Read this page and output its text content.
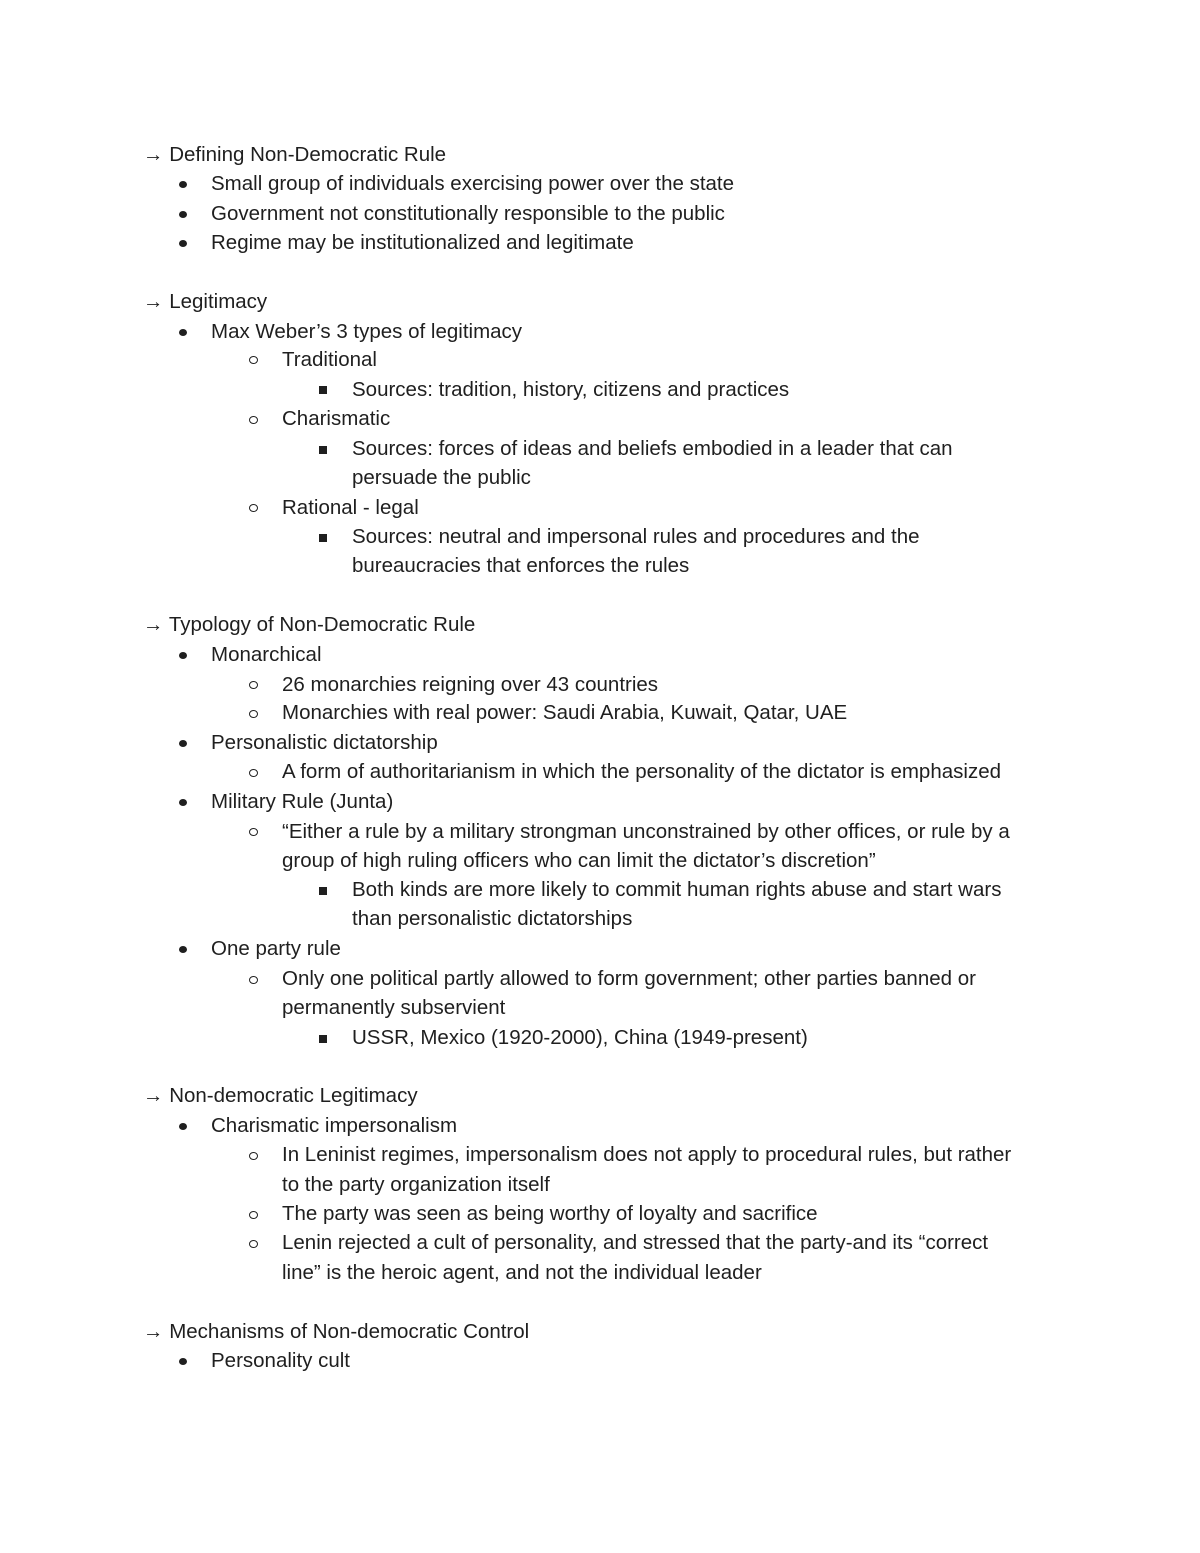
→ Defining Non-Democratic Rule
Small group of individuals exercising power over the state
Government not constitutionally responsible to the public
Regime may be institutionalized and legitimate
→ Legitimacy
Max Weber’s 3 types of legitimacy
Traditional
Sources: tradition, history, citizens and practices
Charismatic
Sources: forces of ideas and beliefs embodied in a leader that can
persuade the public
Rational - legal
Sources: neutral and impersonal rules and procedures and the
bureaucracies that enforces the rules
→ Typology of Non-Democratic Rule
Monarchical
26 monarchies reigning over 43 countries
Monarchies with real power: Saudi Arabia, Kuwait, Qatar, UAE
Personalistic dictatorship
A form of authoritarianism in which the personality of the dictator is emphasized
Military Rule (Junta)
“Either a rule by a military strongman unconstrained by other offices, or rule by a
group of high ruling officers who can limit the dictator’s discretion”
Both kinds are more likely to commit human rights abuse and start wars
than personalistic dictatorships
One party rule
Only one political partly allowed to form government; other parties banned or
permanently subservient
USSR, Mexico (1920-2000), China (1949-present)
→ Non-democratic Legitimacy
Charismatic impersonalism
In Leninist regimes, impersonalism does not apply to procedural rules, but rather
to the party organization itself
The party was seen as being worthy of loyalty and sacrifice
Lenin rejected a cult of personality, and stressed that the party-and its “correct
line” is the heroic agent, and not the individual leader
→ Mechanisms of Non-democratic Control
Personality cult
